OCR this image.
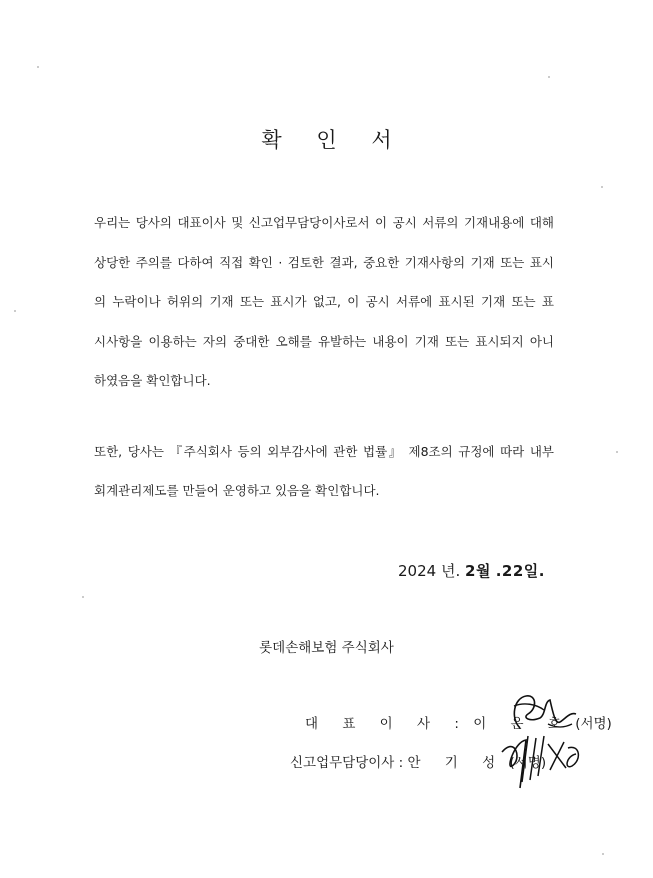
확 인 서
우리는 당사의 대표이사 및 신고업무담당이사로서 이 공시 서류의 기재내용에 대해
상당한 주의를 다하여 직접 확인 · 검토한 결과, 중요한 기재사항의 기재 또는 표시
의 누락이나 허위의 기재 또는 표시가 없고, 이 공시 서류에 표시된 기재 또는 표
시사항을 이용하는 자의 중대한 오해를 유발하는 내용이 기재 또는 표시되지 아니
하였음을 확인합니다.
또한, 당사는 『주식회사 등의 외부감사에 관한 법률』 제8조의 규정에 따라 내부
회계관리제도를 만들어 운영하고 있음을 확인합니다.
2024 년. 2월 .22일.
롯데손해보험 주식회사
대 표 이 사 : 이 은 호 (서명)
신고업무담당이사 : 안 기 성 (서명)
